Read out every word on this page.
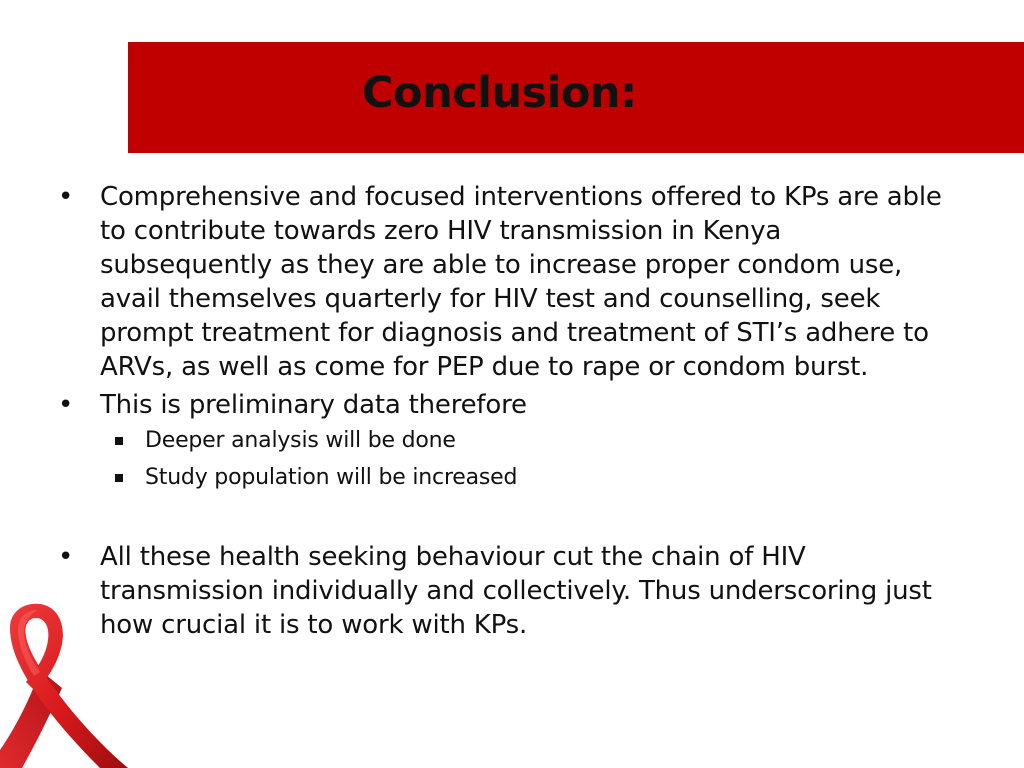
Conclusion:
• Comprehensive and focused interventions offered to KPs are able to contribute towards zero HIV transmission in Kenya subsequently as they are able to increase proper condom use, avail themselves quarterly for HIV test and counselling, seek prompt treatment for diagnosis and treatment of STI’s adhere to ARVs, as well as come for PEP due to rape or condom burst.
• This is preliminary data therefore
Deeper analysis will be done
Study population will be increased
• All these health seeking behaviour cut the chain of HIV transmission individually and collectively. Thus underscoring just how crucial it is to work with KPs.
